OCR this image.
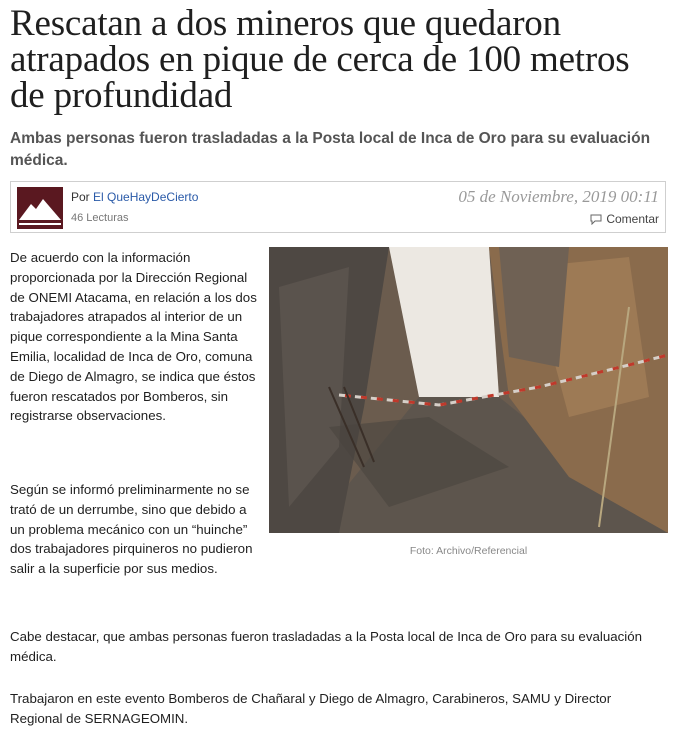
Rescatan a dos mineros que quedaron atrapados en pique de cerca de 100 metros de profundidad

Ambas personas fueron trasladadas a la Posta local de Inca de Oro para su evaluación médica.

Por El QueHayDeCierto
46 Lecturas
05 de Noviembre, 2019 00:11
Comentar

De acuerdo con la información proporcionada por la Dirección Regional de ONEMI Atacama, en relación a los dos trabajadores atrapados al interior de un pique correspondiente a la Mina Santa Emilia, localidad de Inca de Oro, comuna de Diego de Almagro, se indica que éstos fueron rescatados por Bomberos, sin registrarse observaciones.

Según se informó preliminarmente no se trató de un derrumbe, sino que debido a un problema mecánico con un “huinche” dos trabajadores pirquineros no pudieron salir a la superficie por sus medios.

Cabe destacar, que ambas personas fueron trasladadas a la Posta local de Inca de Oro para su evaluación médica.

Trabajaron en este evento Bomberos de Chañaral y Diego de Almagro, Carabineros, SAMU y Director Regional de SERNAGEOMIN.

Foto: Archivo/Referencial
